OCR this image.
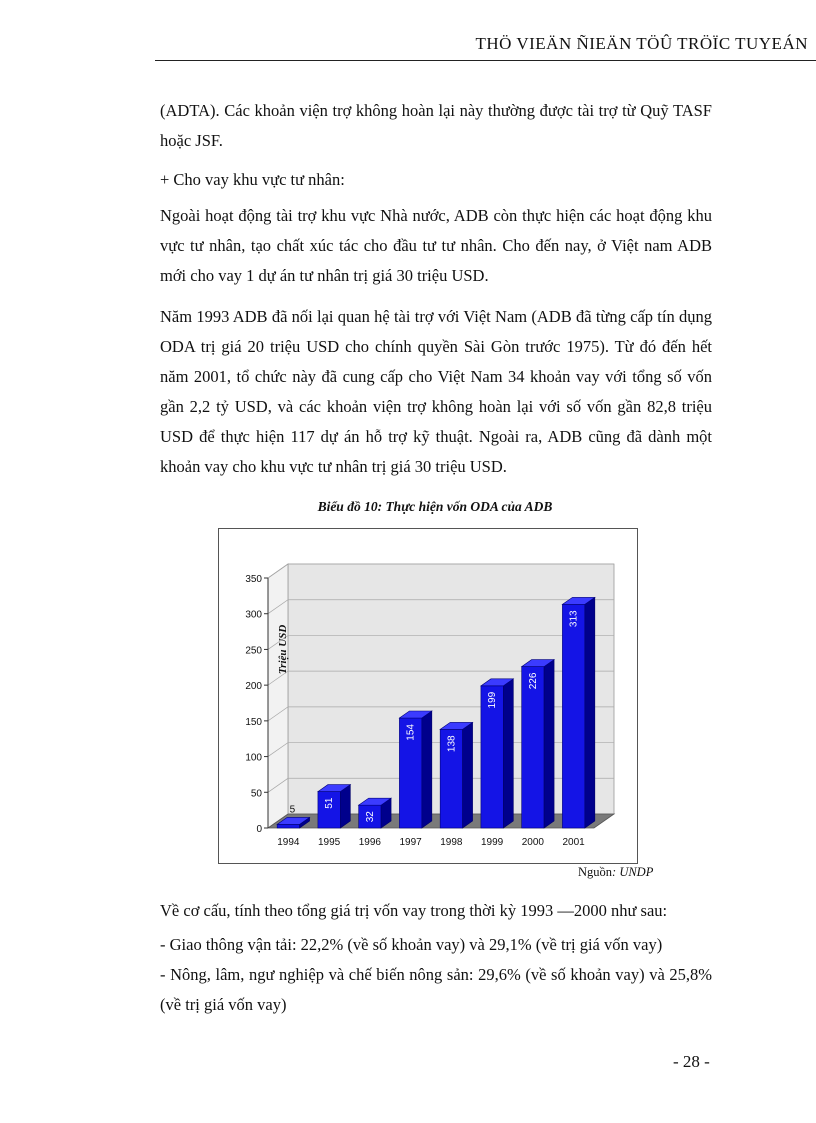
THÖ VIEÄN ÑIEÄN TÖÛ TRÖÏC TUYEÁN

(ADTA). Các khoản viện trợ không hoàn lại này thường được tài trợ từ Quỹ TASF hoặc JSF.

+ Cho vay khu vực tư nhân:

Ngoài hoạt động tài trợ khu vực Nhà nước, ADB còn thực hiện các hoạt động khu vực tư nhân, tạo chất xúc tác cho đầu tư tư nhân. Cho đến nay, ở Việt nam ADB mới cho vay 1 dự án tư nhân trị giá 30 triệu USD.

Năm 1993 ADB đã nối lại quan hệ tài trợ với Việt Nam (ADB đã từng cấp tín dụng ODA trị giá 20 triệu USD cho chính quyền Sài Gòn trước 1975). Từ đó đến hết năm 2001, tổ chức này đã cung cấp cho Việt Nam 34 khoản vay với tổng số vốn gần 2,2 tỷ USD, và các khoản viện trợ không hoàn lại với số vốn gần 82,8 triệu USD để thực hiện 117 dự án hỗ trợ kỹ thuật. Ngoài ra, ADB cũng đã dành một khoản vay cho khu vực tư nhân trị giá 30 triệu USD.

Biểu đồ 10: Thực hiện vốn ODA của ADB
0
50
100
150
200
250
300
350
Triệu USD
5
1994
51
1995
32
1996
154
1997
138
1998
199
1999
226
2000
313
2001
Nguồn: UNDP

Về cơ cấu, tính theo tổng giá trị vốn vay trong thời kỳ 1993 —2000 như sau:

- Giao thông vận tải: 22,2% (về số khoản vay) và 29,1% (về trị giá vốn vay)

- Nông, lâm, ngư nghiệp và chế biến nông sản: 29,6% (về số khoản vay) và 25,8% (về trị giá vốn vay)

- 28 -
